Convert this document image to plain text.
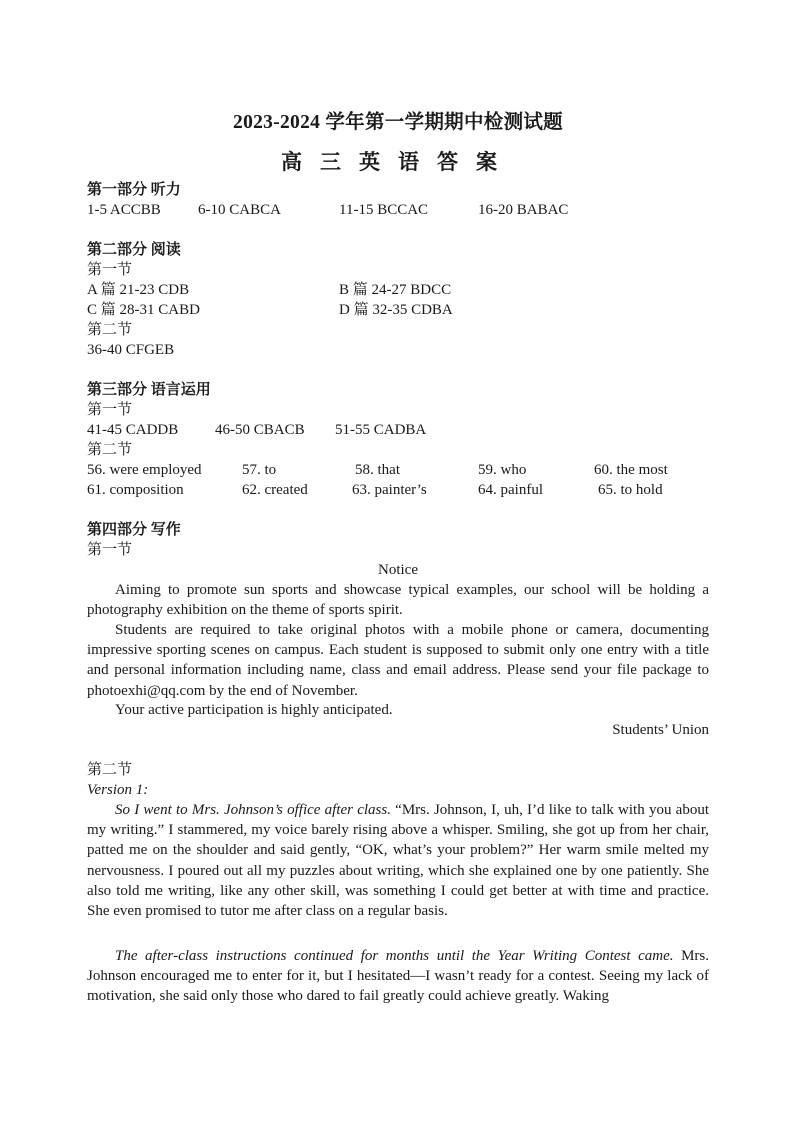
2023-2024 学年第一学期期中检测试题
高三英语答案
第一部分 听力
1-5 ACCBB 6-10 CABCA	11-15 BCCAC	16-20 BABAC
第二部分 阅读
第一节
A 篇 21-23 CDB	B 篇 24-27 BDCC
C 篇 28-31 CABD	D 篇 32-35 CDBA
第二节
36-40 CFGEB
第三部分 语言运用
第一节
41-45 CADDB 46-50 CBACB 51-55 CADBA
第二节
56. were employed	57. to	58. that	59. who	60. the most
61. composition	62. created	63. painter’s	64. painful	65. to hold
第四部分 写作
第一节
Notice
Aiming to promote sun sports and showcase typical examples, our school will be holding a photography exhibition on the theme of sports spirit.
Students are required to take original photos with a mobile phone or camera, documenting impressive sporting scenes on campus. Each student is supposed to submit only one entry with a title and personal information including name, class and email address. Please send your file package to photoexhi@qq.com by the end of November.
Your active participation is highly anticipated.
Students’ Union
第二节
Version 1:
So I went to Mrs. Johnson’s office after class. “Mrs. Johnson, I, uh, I’d like to talk with you about my writing.” I stammered, my voice barely rising above a whisper. Smiling, she got up from her chair, patted me on the shoulder and said gently, “OK, what’s your problem?” Her warm smile melted my nervousness. I poured out all my puzzles about writing, which she explained one by one patiently. She also told me writing, like any other skill, was something I could get better at with time and practice. She even promised to tutor me after class on a regular basis.
The after-class instructions continued for months until the Year Writing Contest came. Mrs. Johnson encouraged me to enter for it, but I hesitated—I wasn’t ready for a contest. Seeing my lack of motivation, she said only those who dared to fail greatly could achieve greatly. Waking
